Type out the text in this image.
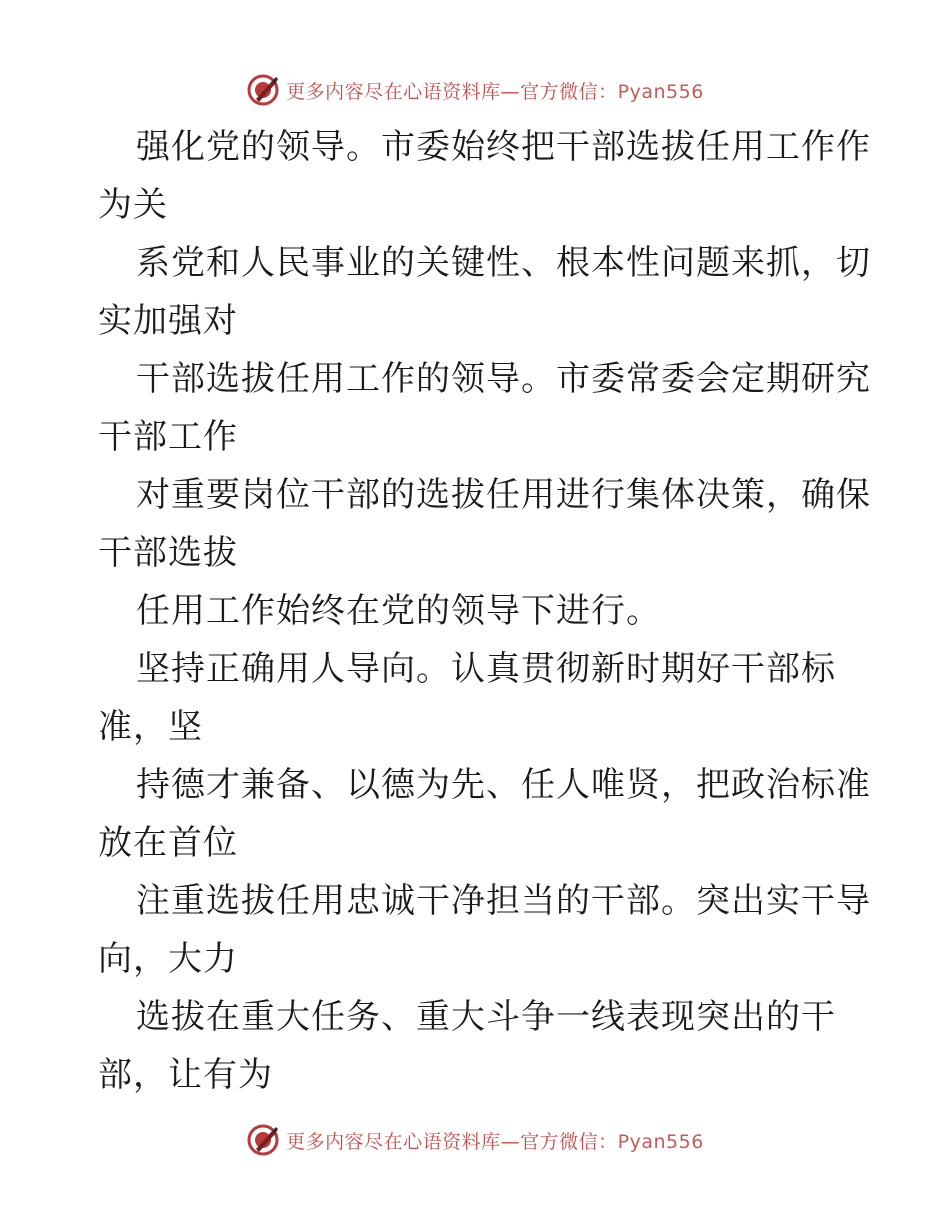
更多内容尽在心语资料库—官方微信：Pyan556
强化党的领导。市委始终把干部选拔任用工作作
为关
系党和人民事业的关键性、根本性问题来抓，切
实加强对
干部选拔任用工作的领导。市委常委会定期研究
干部工作
对重要岗位干部的选拔任用进行集体决策，确保
干部选拔
任用工作始终在党的领导下进行。
坚持正确用人导向。认真贯彻新时期好干部标
准，坚
持德才兼备、以德为先、任人唯贤，把政治标准
放在首位
注重选拔任用忠诚干净担当的干部。突出实干导
向，大力
选拔在重大任务、重大斗争一线表现突出的干
部，让有为
更多内容尽在心语资料库—官方微信：Pyan556
